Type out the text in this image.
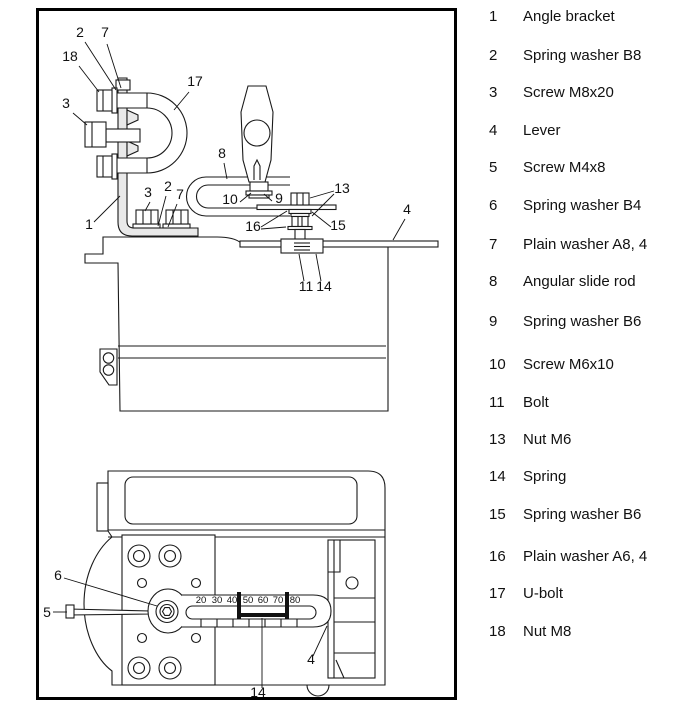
2 7
18
3
17
8
1
3 2 7	10	9
13
16	15
4
11 14
20 30 40 50 60 70 80
6
5
4
14
1	Angle bracket
2	Spring washer B8
3	Screw M8x20
4	Lever
5	Screw M4x8
6	Spring washer B4
7	Plain washer A8, 4
8	Angular slide rod
9	Spring washer B6
10	Screw M6x10
11	Bolt
13	Nut M6
14	Spring
15	Spring washer B6
16	Plain washer A6, 4
17	U-bolt
18	Nut M8
